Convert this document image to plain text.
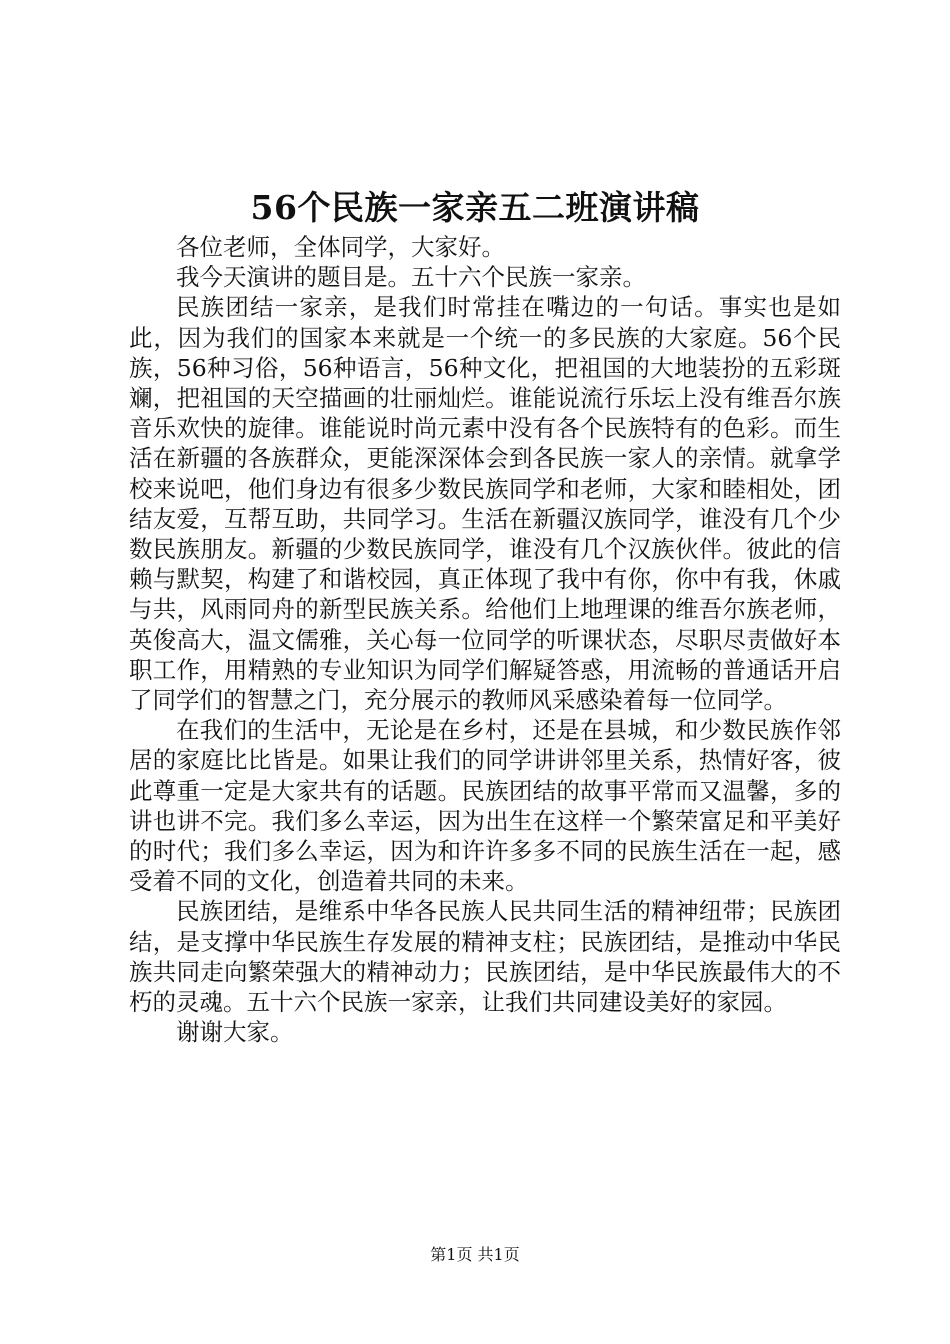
56个民族一家亲五二班演讲稿

各位老师，全体同学，大家好。

我今天演讲的题目是。五十六个民族一家亲。

民族团结一家亲，是我们时常挂在嘴边的一句话。事实也是如此，因为我们的国家本来就是一个统一的多民族的大家庭。56个民族，56种习俗，56种语言，56种文化，把祖国的大地装扮的五彩斑斓，把祖国的天空描画的壮丽灿烂。谁能说流行乐坛上没有维吾尔族音乐欢快的旋律。谁能说时尚元素中没有各个民族特有的色彩。而生活在新疆的各族群众，更能深深体会到各民族一家人的亲情。就拿学校来说吧，他们身边有很多少数民族同学和老师，大家和睦相处，团结友爱，互帮互助，共同学习。生活在新疆汉族同学，谁没有几个少数民族朋友。新疆的少数民族同学，谁没有几个汉族伙伴。彼此的信赖与默契，构建了和谐校园，真正体现了我中有你，你中有我，休戚与共，风雨同舟的新型民族关系。给他们上地理课的维吾尔族老师，英俊高大，温文儒雅，关心每一位同学的听课状态，尽职尽责做好本职工作，用精熟的专业知识为同学们解疑答惑，用流畅的普通话开启了同学们的智慧之门，充分展示的教师风采感染着每一位同学。

在我们的生活中，无论是在乡村，还是在县城，和少数民族作邻居的家庭比比皆是。如果让我们的同学讲讲邻里关系，热情好客，彼此尊重一定是大家共有的话题。民族团结的故事平常而又温馨，多的讲也讲不完。我们多么幸运，因为出生在这样一个繁荣富足和平美好的时代；我们多么幸运，因为和许许多多不同的民族生活在一起，感受着不同的文化，创造着共同的未来。

民族团结，是维系中华各民族人民共同生活的精神纽带；民族团结，是支撑中华民族生存发展的精神支柱；民族团结，是推动中华民族共同走向繁荣强大的精神动力；民族团结，是中华民族最伟大的不朽的灵魂。五十六个民族一家亲，让我们共同建设美好的家园。

谢谢大家。

第1页 共1页
